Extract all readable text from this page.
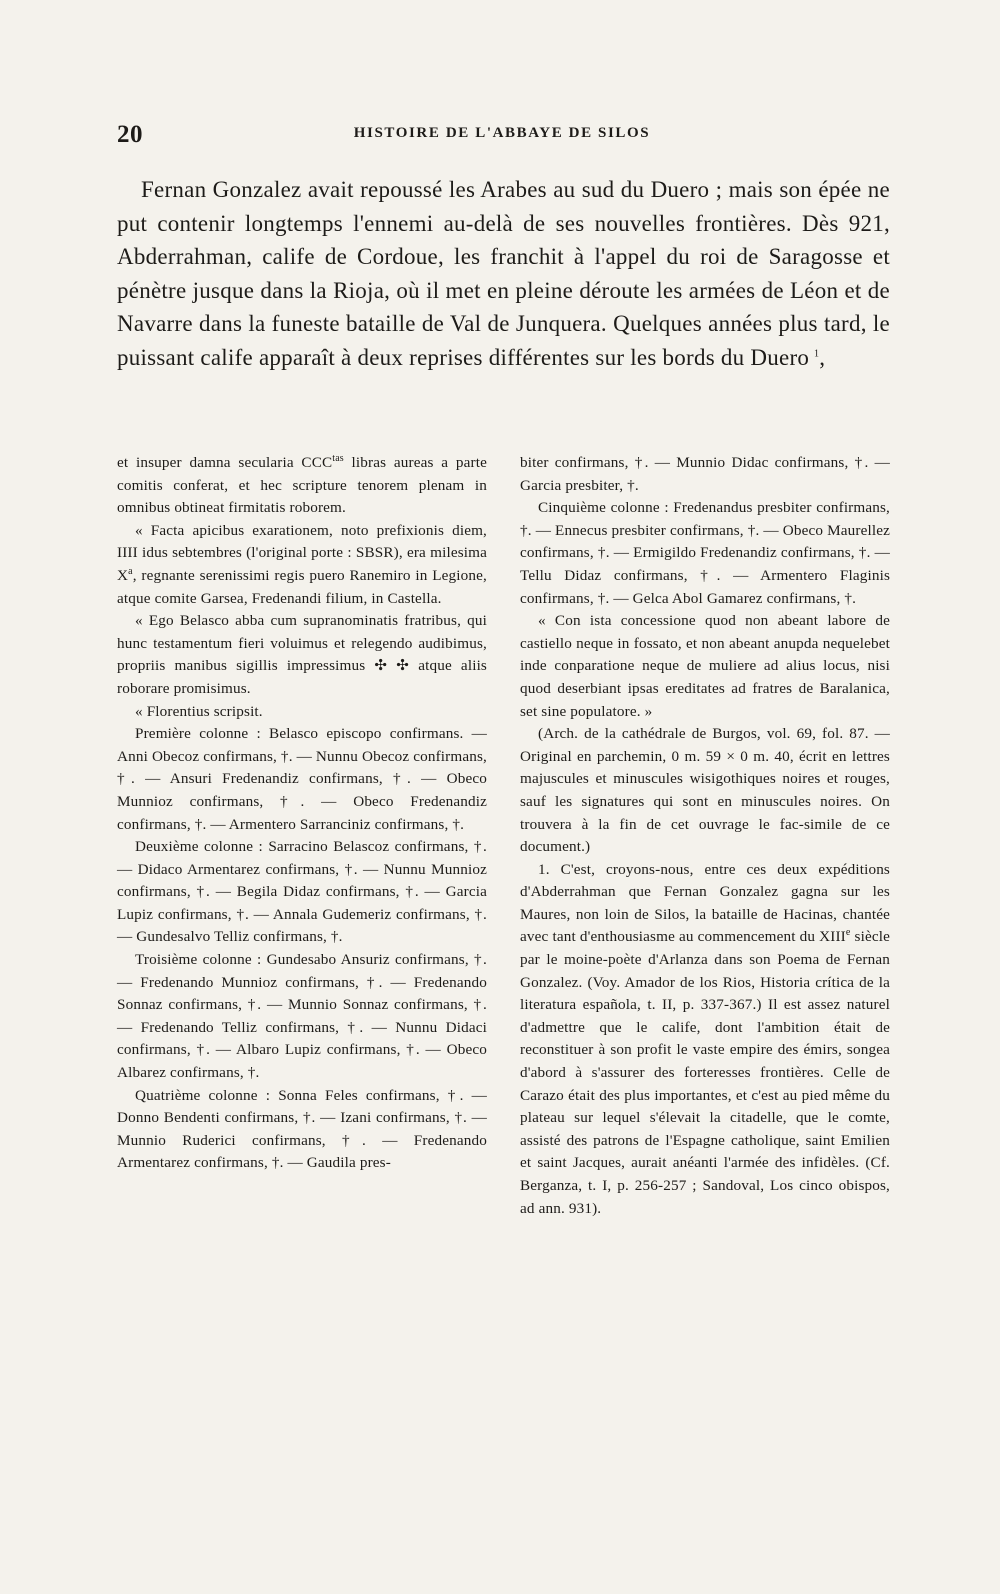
20	HISTOIRE DE L'ABBAYE DE SILOS

Fernan Gonzalez avait repoussé les Arabes au sud du Duero ; mais son épée ne put contenir longtemps l'ennemi au-delà de ses nouvelles frontières. Dès 921, Abderrahman, calife de Cordoue, les franchit à l'appel du roi de Saragosse et pénètre jusque dans la Rioja, où il met en pleine déroute les armées de Léon et de Navarre dans la funeste bataille de Val de Junquera. Quelques années plus tard, le puissant calife apparaît à deux reprises différentes sur les bords du Duero  $^1$,

et insuper damna secularia $CCC^{tas}$ libras aureas a parte comitis conferat, et hec scripture tenorem plenam in omnibus obtineat firmitatis roborem.

« Facta apicibus exarationem, noto prefixionis diem, IIII idus sebtembres (l'original porte : SBSR), era milesima $X^a$, regnante serenissimi regis puero Ranemiro in Legione, atque comite Garsea, Fredenandi filium, in Castella.

« Ego Belasco abba cum supranominatis fratribus, qui hunc testamentum fieri voluimus et relegendo audibimus, propriis manibus sigillis impressimus ✣ ✣ atque aliis roborare promisimus.

« Florentius scripsit.

Première colonne : Belasco episcopo confirmans. — Anni Obecoz confirmans, †. — Nunnu Obecoz confirmans, †. — Ansuri Fredenandiz confirmans, †. — Obeco Munnioz confirmans, †. — Obeco Fredenandiz confirmans, †. — Armentero Sarranciniz confirmans, †.

Deuxième colonne : Sarracino Belascoz confirmans, †. — Didaco Armentarez confirmans, †. — Nunnu Munnioz confirmans, †. — Begila Didaz confirmans, †. — Garcia Lupiz confirmans, †. — Annala Gudemeriz confirmans, †. — Gundesalvo Telliz confirmans, †.

Troisième colonne : Gundesabo Ansuriz confirmans, †. — Fredenando Munnioz confirmans, †. — Fredenando Sonnaz confirmans, †. — Munnio Sonnaz confirmans, †. — Fredenando Telliz confirmans, †. — Nunnu Didaci confirmans, †. — Albaro Lupiz confirmans, †. — Obeco Albarez confirmans, †.

Quatrième colonne : Sonna Feles confirmans, †. — Donno Bendenti confirmans, †. — Izani confirmans, †. — Munnio Ruderici confirmans, †. — Fredenando Armentarez confirmans, †. — Gaudila pres-

biter confirmans, †. — Munnio Didac confirmans, †. — Garcia presbiter, †.

Cinquième colonne : Fredenandus presbiter confirmans, †. — Ennecus presbiter confirmans, †. — Obeco Maurellez confirmans, †. — Ermigildo Fredenandiz confirmans, †. — Tellu Didaz confirmans, †. — Armentero Flaginis confirmans, †. — Gelca Abol Gamarez confirmans, †.

« Con ista concessione quod non abeant labore de castiello neque in fossato, et non abeant anupda nequelebet inde conparatione neque de muliere ad alius locus, nisi quod deserbiant ipsas ereditates ad fratres de Baralanica, set sine populatore. »

(Arch. de la cathédrale de Burgos, vol. 69, fol. 87. — Original en parchemin, 0 m. 59 × 0 m. 40, écrit en lettres majuscules et minuscules wisigothiques noires et rouges, sauf les signatures qui sont en minuscules noires. On trouvera à la fin de cet ouvrage le fac-simile de ce document.)

1. C'est, croyons-nous, entre ces deux expéditions d'Abderrahman que Fernan Gonzalez gagna sur les Maures, non loin de Silos, la bataille de Hacinas, chantée avec tant d'enthousiasme au commencement du XIIIe siècle par le moine-poète d'Arlanza dans son Poema de Fernan Gonzalez. (Voy. Amador de los Rios, Historia crítica de la literatura española, t. II, p. 337-367.) Il est assez naturel d'admettre que le calife, dont l'ambition était de reconstituer à son profit le vaste empire des émirs, songea d'abord à s'assurer des forteresses frontières. Celle de Carazo était des plus importantes, et c'est au pied même du plateau sur lequel s'élevait la citadelle, que le comte, assisté des patrons de l'Espagne catholique, saint Emilien et saint Jacques, aurait anéanti l'armée des infidèles. (Cf. Berganza, t. I, p. 256-257 ; Sandoval, Los cinco obispos, ad ann. 931).
